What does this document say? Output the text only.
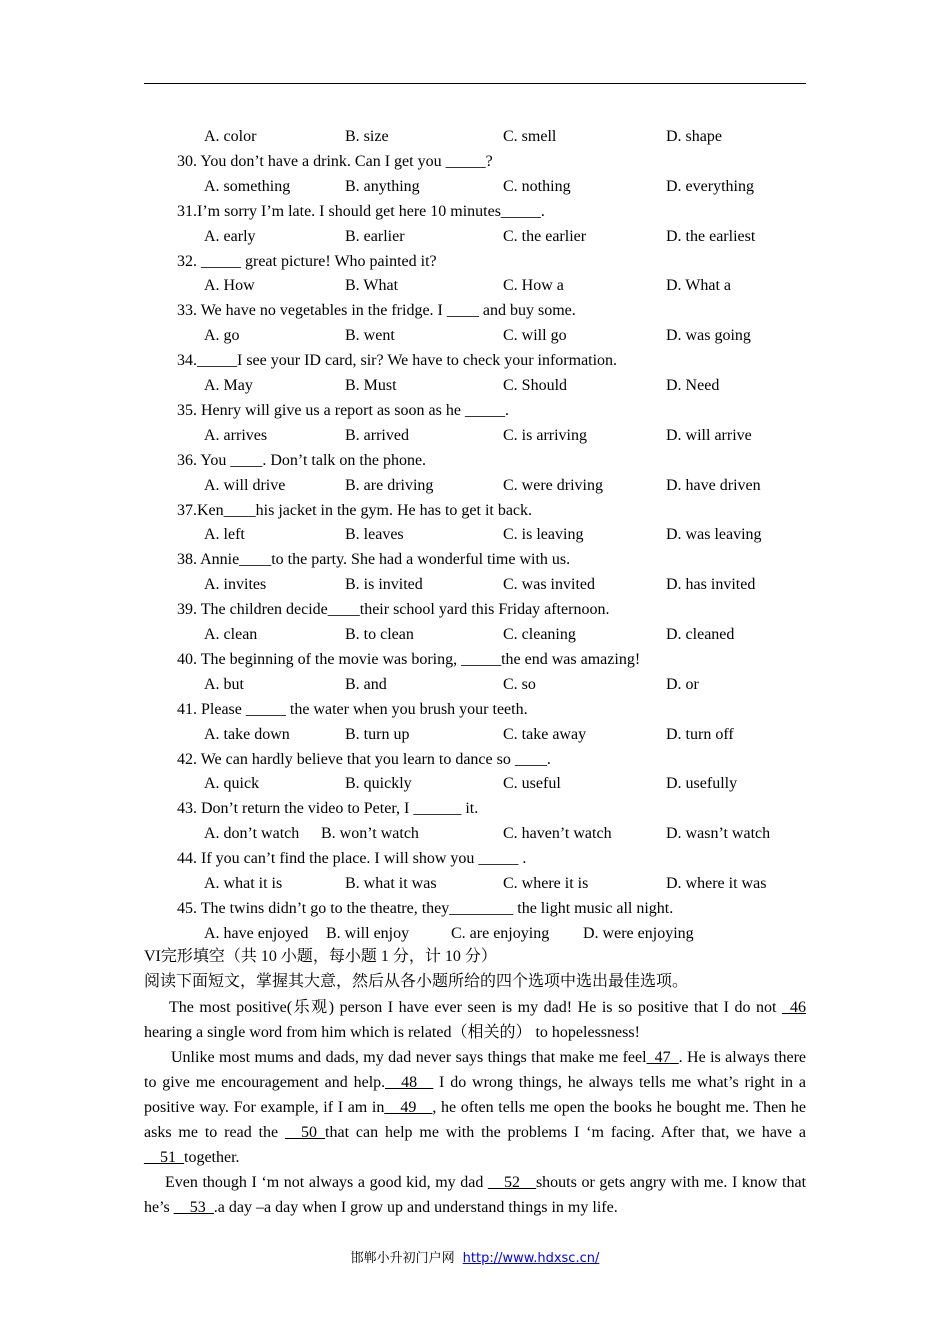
A. color	B. size	C. smell	D. shape
30. You don’t have a drink. Can I get you _____?
A. something	B. anything	C. nothing	D. everything
31.I’m sorry I’m late. I should get here 10 minutes_____.
A. early	B. earlier	C. the earlier	D. the earliest
32. _____ great picture! Who painted it?
A. How	B. What	C. How a	D. What a
33. We have no vegetables in the fridge. I ____ and buy some.
A. go	B. went	C. will go	D. was going
34._____I see your ID card, sir? We have to check your information.
A. May	B. Must	C. Should	D. Need
35. Henry will give us a report as soon as he _____.
A. arrives	B. arrived	C. is arriving	D. will arrive
36. You ____. Don’t talk on the phone.
A. will drive	B. are driving	C. were driving	D. have driven
37.Ken____his jacket in the gym. He has to get it back.
A. left	B. leaves	C. is leaving	D. was leaving
38. Annie____to the party. She had a wonderful time with us.
A. invites	B. is invited	C. was invited	D. has invited
39. The children decide____their school yard this Friday afternoon.
A. clean	B. to clean	C. cleaning	D. cleaned
40. The beginning of the movie was boring, _____the end was amazing!
A. but	B. and	C. so	D. or
41. Please _____ the water when you brush your teeth.
A. take down	B. turn up	C. take away	D. turn off
42. We can hardly believe that you learn to dance so ____.
A. quick	B. quickly	C. useful	D. usefully
43. Don’t return the video to Peter, I ______ it.
A. don’t watch B. won’t watch	C. haven’t watch	D. wasn’t watch
44. If you can’t find the place. I will show you _____ .
A. what it is	B. what it was	C. where it is	D. where it was
45. The twins didn’t go to the theatre, they________ the light music all night.
A. have enjoyed B. will enjoy	C. are enjoying D. were enjoying
VI完形填空（共 10 小题，每小题 1 分，计 10 分）
阅读下面短文，掌握其大意，然后从各小题所给的四个选项中选出最佳选项。
The most positive(乐观) person I have ever seen is my dad! He is so positive that I do not _46 hearing a single word from him which is related（相关的） to hopelessness!
Unlike most mums and dads, my dad never says things that make me feel_47_. He is always there to give me encouragement and help.__48__ I do wrong things, he always tells me what’s right in a positive way. For example, if I am in__49__, he often tells me open the books he bought me. Then he asks me to read the __50_that can help me with the problems I ‘m facing. After that, we have a __51_together.
Even though I ‘m not always a good kid, my dad __52__shouts or gets angry with me. I know that he’s __53_.a day –a day when I grow up and understand things in my life.
邯郸小升初门户网 http://www.hdxsc.cn/
